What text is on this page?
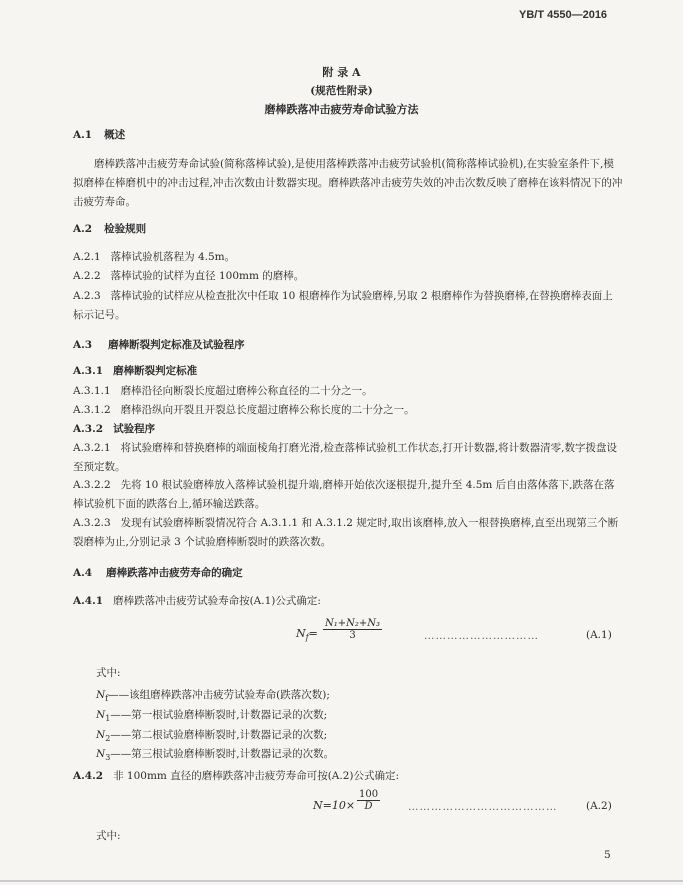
YB/T 4550—2016
附 录 A
(规范性附录)
磨棒跌落冲击疲劳寿命试验方法
A.1 概述
磨棒跌落冲击疲劳寿命试验(简称落棒试验),是使用落棒跌落冲击疲劳试验机(简称落棒试验机),在实验室条件下,模拟磨棒在棒磨机中的冲击过程,冲击次数由计数器实现。磨棒跌落冲击疲劳失效的冲击次数反映了磨棒在该料情况下的冲击疲劳寿命。
A.2 检验规则
A.2.1 落棒试验机落程为 4.5m。
A.2.2 落棒试验的试样为直径 100mm 的磨棒。
A.2.3 落棒试验的试样应从检查批次中任取 10 根磨棒作为试验磨棒,另取 2 根磨棒作为替换磨棒,在替换磨棒表面上标示记号。
A.3 磨棒断裂判定标准及试验程序
A.3.1 磨棒断裂判定标准
A.3.1.1 磨棒沿径向断裂长度超过磨棒公称直径的二十分之一。
A.3.1.2 磨棒沿纵向开裂且开裂总长度超过磨棒公称长度的二十分之一。
A.3.2 试验程序
A.3.2.1 将试验磨棒和替换磨棒的端面棱角打磨光滑,检查落棒试验机工作状态,打开计数器,将计数器清零,数字拨盘设至预定数。
A.3.2.2 先将 10 根试验磨棒放入落棒试验机提升端,磨棒开始依次逐根提升,提升至 4.5m 后自由落体落下,跌落在落棒试验机下面的跌落台上,循环输送跌落。
A.3.2.3 发现有试验磨棒断裂情况符合 A.3.1.1 和 A.3.1.2 规定时,取出该磨棒,放入一根替换磨棒,直至出现第三个断裂磨棒为止,分别记录 3 个试验磨棒断裂时的跌落次数。
A.4 磨棒跌落冲击疲劳寿命的确定
A.4.1 磨棒跌落冲击疲劳试验寿命按(A.1)公式确定:
$N_f= \frac{\text{N₁+N₂+N₃}}{3}$	…………………………	(A.1)
式中:
$N_f——$该组磨棒跌落冲击疲劳试验寿命(跌落次数);
$N_1——$第一根试验磨棒断裂时,计数器记录的次数;
$N_2——$第二根试验磨棒断裂时,计数器记录的次数;
$N_3——$第三根试验磨棒断裂时,计数器记录的次数。
A.4.2 非 100mm 直径的磨棒跌落冲击疲劳寿命可按(A.2)公式确定:
$N=10\times \frac{100}{D}$	…………………………………	(A.2)
式中:
5
